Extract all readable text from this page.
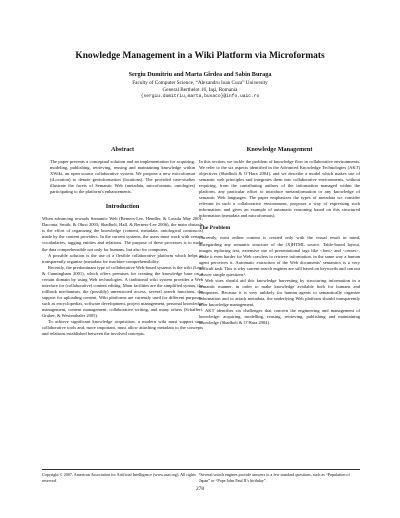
Knowledge Management in a Wiki Platform via Microformats
Sergiu Dumitriu and Marta Gîrdea and Sabin Buraga
Faculty of Computer Science, “Alexandru Ioan Cuza” University
General Berthelot 16, Iaşi, Romania
{sergiu.dumitriu,marta,busaco}@info.uaic.ro
Abstract

The paper presents a conceptual solution and an implementation for acquiring, modeling, publishing, retrieving, reusing and maintaining knowledge within XWiki, an open source collaborative system. We propose a new microformat (tLocation) to denote geoinformation (locations). The provided case-studies illustrate the facets of Semantic Web (metadata, microformats, ontologies) participating to the platform's enhancements.

Introduction

When advancing towards Semantic Web (Berners-Lee, Hendler, & Lassila May 2001; Daconta, Smith, & Obrst 2003; Shadbolt, Hall, & Berners-Lee 2006), the main obstacle is the effort of organizing the knowledge (content, metadata, ontological constructs) made by the content providers. In the current systems, the users must work with certain vocabularies, tagging entities and relations. The purpose of these processes is to make the data comprehensible not only for humans, but also for computers.

A possible solution is the use of a flexible collaborative platform which helps to transparently organize (metadata for machine-comprehensibility.

Recently, the predominant type of collaborative Web-based systems is the wiki (Leuf & Cunningham 2001), which offers premises for creating the knowledge base on a certain domain by using Web technologies. A traditional wiki system provides a Web interface for (collaborative) content editing. Main facilities are the simplified syntax, the rollback mechanism, the (possibly) unrestricted access, several search functions, the support for uploading content. Wiki platforms are currently used for different purposes, such as encyclopedias, software development, project management, personal knowledge management, content management, collaborative writing, and many others (Schaffert, Gruber, & Westenthaler 2005).

To achieve significant knowledge acquisition, a modern wiki must support user collaborative tools and, more important, must allow attaching metadata to the concepts and relations established between the involved concepts.

Knowledge Management

In this section, we tackle the problem of knowledge flow in collaborative environments. We refer to the six aspects identified in the Advanced Knowledge Technologies (AKT) objectives (Shadbolt & O’Hara 2004), and we describe a model which makes use of semantic web principles and integrates them into collaborative environments, without requiring, from the contributing authors of the information managed within the platform, any particular effort to introduce metainformation or any knowledge of semantic Web languages. The paper emphasizes the types of metadata we consider relevant in such a collaborative environment, proposes a way of expressing such information, and gives an example of automatic reasoning based on this structured information (metadata and microformats).

The Problem

Currently, most online content is created only with the visual result in mind, disregarding any semantic structure of the (X)HTML source. Table-based layout, images replacing text, extensive use of presentational tags like <font> and <center>, make it even harder for Web crawlers to retrieve information, in the same way a human agent perceives it. Automatic extraction of the Web documents’ semantics is a very difficult task. This is why current search engines are still based on keywords and can not answer simple questions¹.

Web sites should aid this knowledge harvesting by structuring information in a semantic manner, in order to make knowledge available both for humans and computers. Because it is very unlikely for human agents to semantically organize information and to attach metadata, the underlying Web platform should transparently offer knowledge management.

AKT identifies six challenges that concern the engineering and management of knowledge: acquiring, modelling, reusing, retrieving, publishing and maintaining knowledge (Shadbolt & O’Hara 2004).

Copyright © 2007, American Association for Artificial Intelligence (www.aaai.org). All rights reserved.
¹Several search engines provide answers to a few standard questions, such as “Population of Japan” or “Pope John Paul II’s birthday”.
278
